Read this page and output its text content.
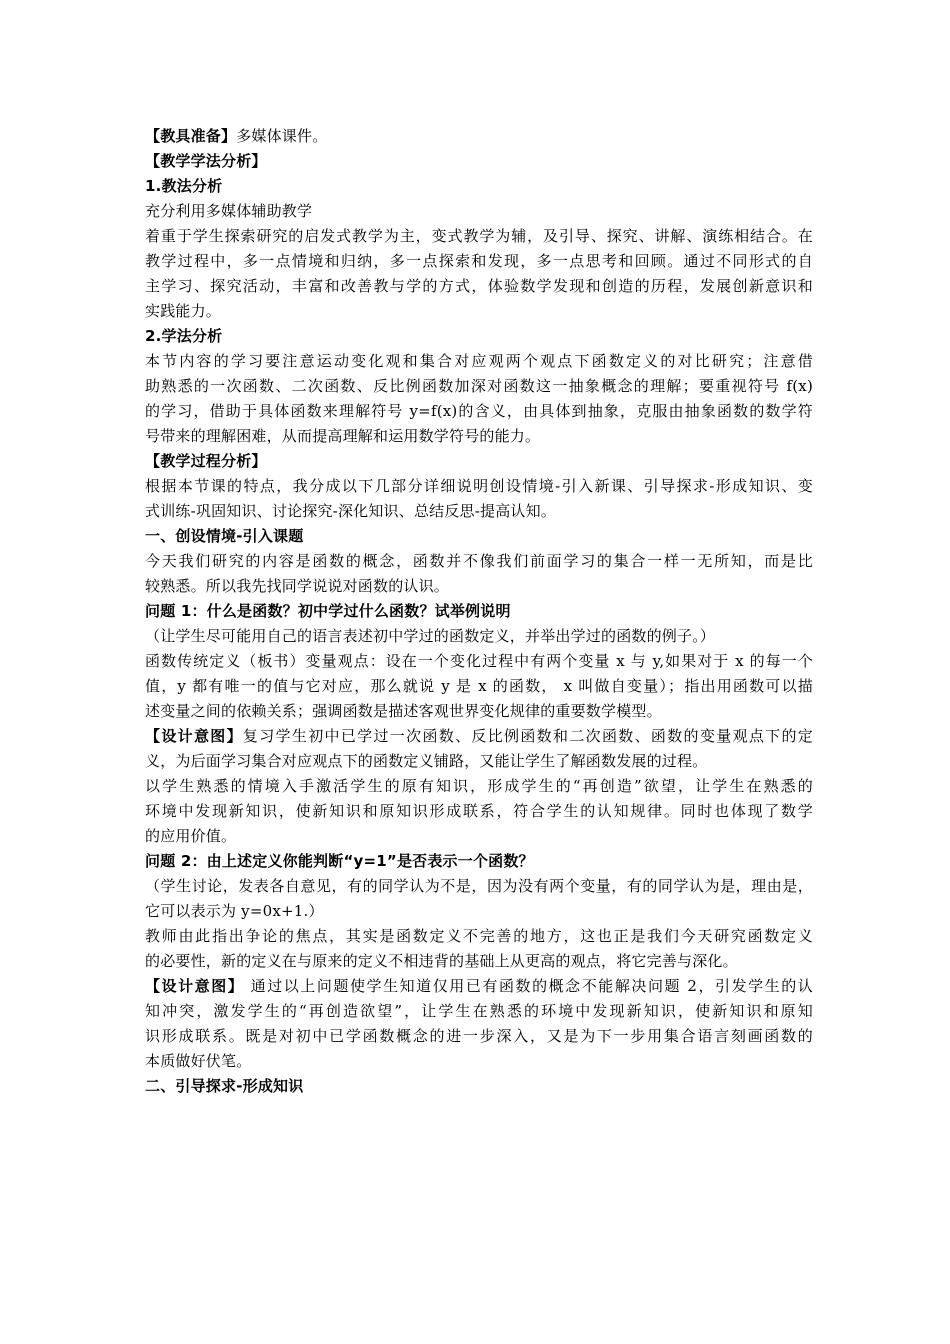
【教具准备】多媒体课件。
【教学学法分析】
1.教法分析
充分利用多媒体辅助教学
着重于学生探索研究的启发式教学为主，变式教学为辅，及引导、探究、讲解、演练相结合。在
教学过程中，多一点情境和归纳，多一点探索和发现，多一点思考和回顾。通过不同形式的自
主学习、探究活动，丰富和改善教与学的方式，体验数学发现和创造的历程，发展创新意识和
实践能力。
2.学法分析
本节内容的学习要注意运动变化观和集合对应观两个观点下函数定义的对比研究；注意借
助熟悉的一次函数、二次函数、反比例函数加深对函数这一抽象概念的理解；要重视符号 f(x)
的学习，借助于具体函数来理解符号 y=f(x)的含义，由具体到抽象，克服由抽象函数的数学符
号带来的理解困难，从而提高理解和运用数学符号的能力。
【教学过程分析】
根据本节课的特点，我分成以下几部分详细说明创设情境-引入新课、引导探求-形成知识、变
式训练-巩固知识、讨论探究-深化知识、总结反思-提高认知。
一、创设情境-引入课题
今天我们研究的内容是函数的概念，函数并不像我们前面学习的集合一样一无所知，而是比
较熟悉。所以我先找同学说说对函数的认识。
问题 1：什么是函数？初中学过什么函数？试举例说明
（让学生尽可能用自己的语言表述初中学过的函数定义，并举出学过的函数的例子。）
函数传统定义（板书）变量观点：设在一个变化过程中有两个变量 x 与 y,如果对于 x 的每一个
值，y 都有唯一的值与它对应，那么就说 y 是 x 的函数， x 叫做自变量）；指出用函数可以描
述变量之间的依赖关系；强调函数是描述客观世界变化规律的重要数学模型。
【设计意图】复习学生初中已学过一次函数、反比例函数和二次函数、函数的变量观点下的定
义，为后面学习集合对应观点下的函数定义铺路，又能让学生了解函数发展的过程。
以学生熟悉的情境入手激活学生的原有知识，形成学生的“再创造”欲望，让学生在熟悉的
环境中发现新知识，使新知识和原知识形成联系，符合学生的认知规律。同时也体现了数学
的应用价值。
问题 2：由上述定义你能判断“y=1”是否表示一个函数？
（学生讨论，发表各自意见，有的同学认为不是，因为没有两个变量，有的同学认为是，理由是，
它可以表示为 y=0x+1.）
教师由此指出争论的焦点，其实是函数定义不完善的地方，这也正是我们今天研究函数定义
的必要性，新的定义在与原来的定义不相违背的基础上从更高的观点，将它完善与深化。
【设计意图】 通过以上问题使学生知道仅用已有函数的概念不能解决问题 2，引发学生的认
知冲突，激发学生的“再创造欲望”，让学生在熟悉的环境中发现新知识，使新知识和原知
识形成联系。既是对初中已学函数概念的进一步深入，又是为下一步用集合语言刻画函数的
本质做好伏笔。
二、引导探求-形成知识
